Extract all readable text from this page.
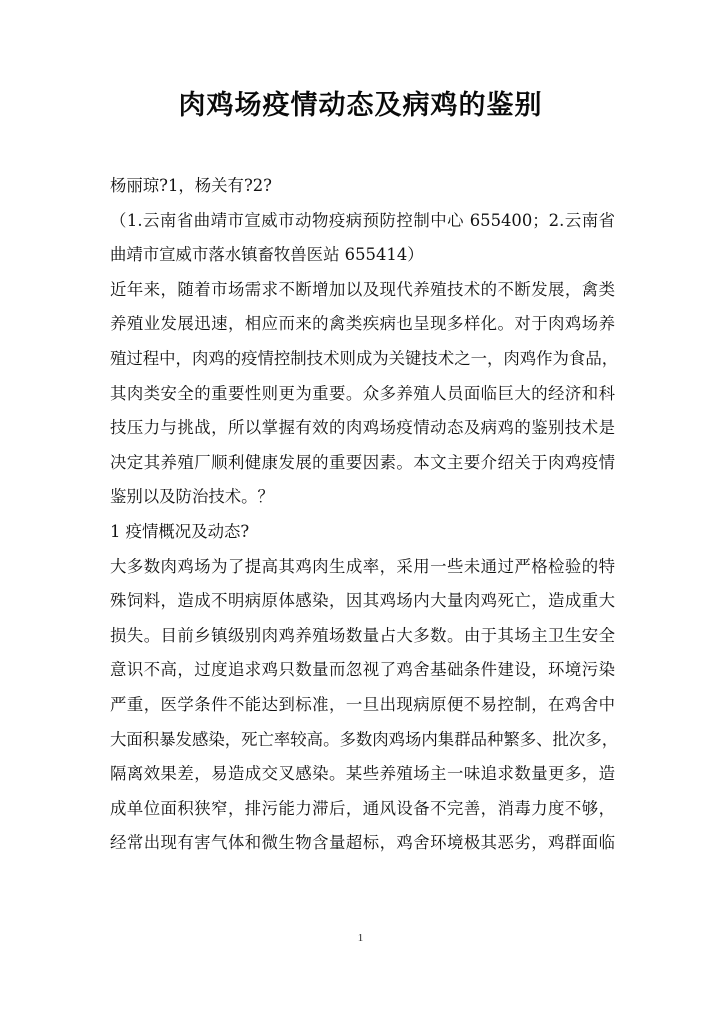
肉鸡场疫情动态及病鸡的鉴别
杨丽琼?1，杨关有?2?
（1.云南省曲靖市宣威市动物疫病预防控制中心 655400；2.云南省
曲靖市宣威市落水镇畜牧兽医站 655414）
近年来，随着市场需求不断增加以及现代养殖技术的不断发展，禽类
养殖业发展迅速，相应而来的禽类疾病也呈现多样化。对于肉鸡场养
殖过程中，肉鸡的疫情控制技术则成为关键技术之一，肉鸡作为食品，
其肉类安全的重要性则更为重要。众多养殖人员面临巨大的经济和科
技压力与挑战，所以掌握有效的肉鸡场疫情动态及病鸡的鉴别技术是
决定其养殖厂顺利健康发展的重要因素。本文主要介绍关于肉鸡疫情
鉴别以及防治技术。？
1 疫情概况及动态?
大多数肉鸡场为了提高其鸡肉生成率，采用一些未通过严格检验的特
殊饲料，造成不明病原体感染，因其鸡场内大量肉鸡死亡，造成重大
损失。目前乡镇级别肉鸡养殖场数量占大多数。由于其场主卫生安全
意识不高，过度追求鸡只数量而忽视了鸡舍基础条件建设，环境污染
严重，医学条件不能达到标准，一旦出现病原便不易控制，在鸡舍中
大面积暴发感染，死亡率较高。多数肉鸡场内集群品种繁多、批次多，
隔离效果差，易造成交叉感染。某些养殖场主一味追求数量更多，造
成单位面积狭窄，排污能力滞后，通风设备不完善，消毒力度不够，
经常出现有害气体和微生物含量超标，鸡舍环境极其恶劣，鸡群面临
1
